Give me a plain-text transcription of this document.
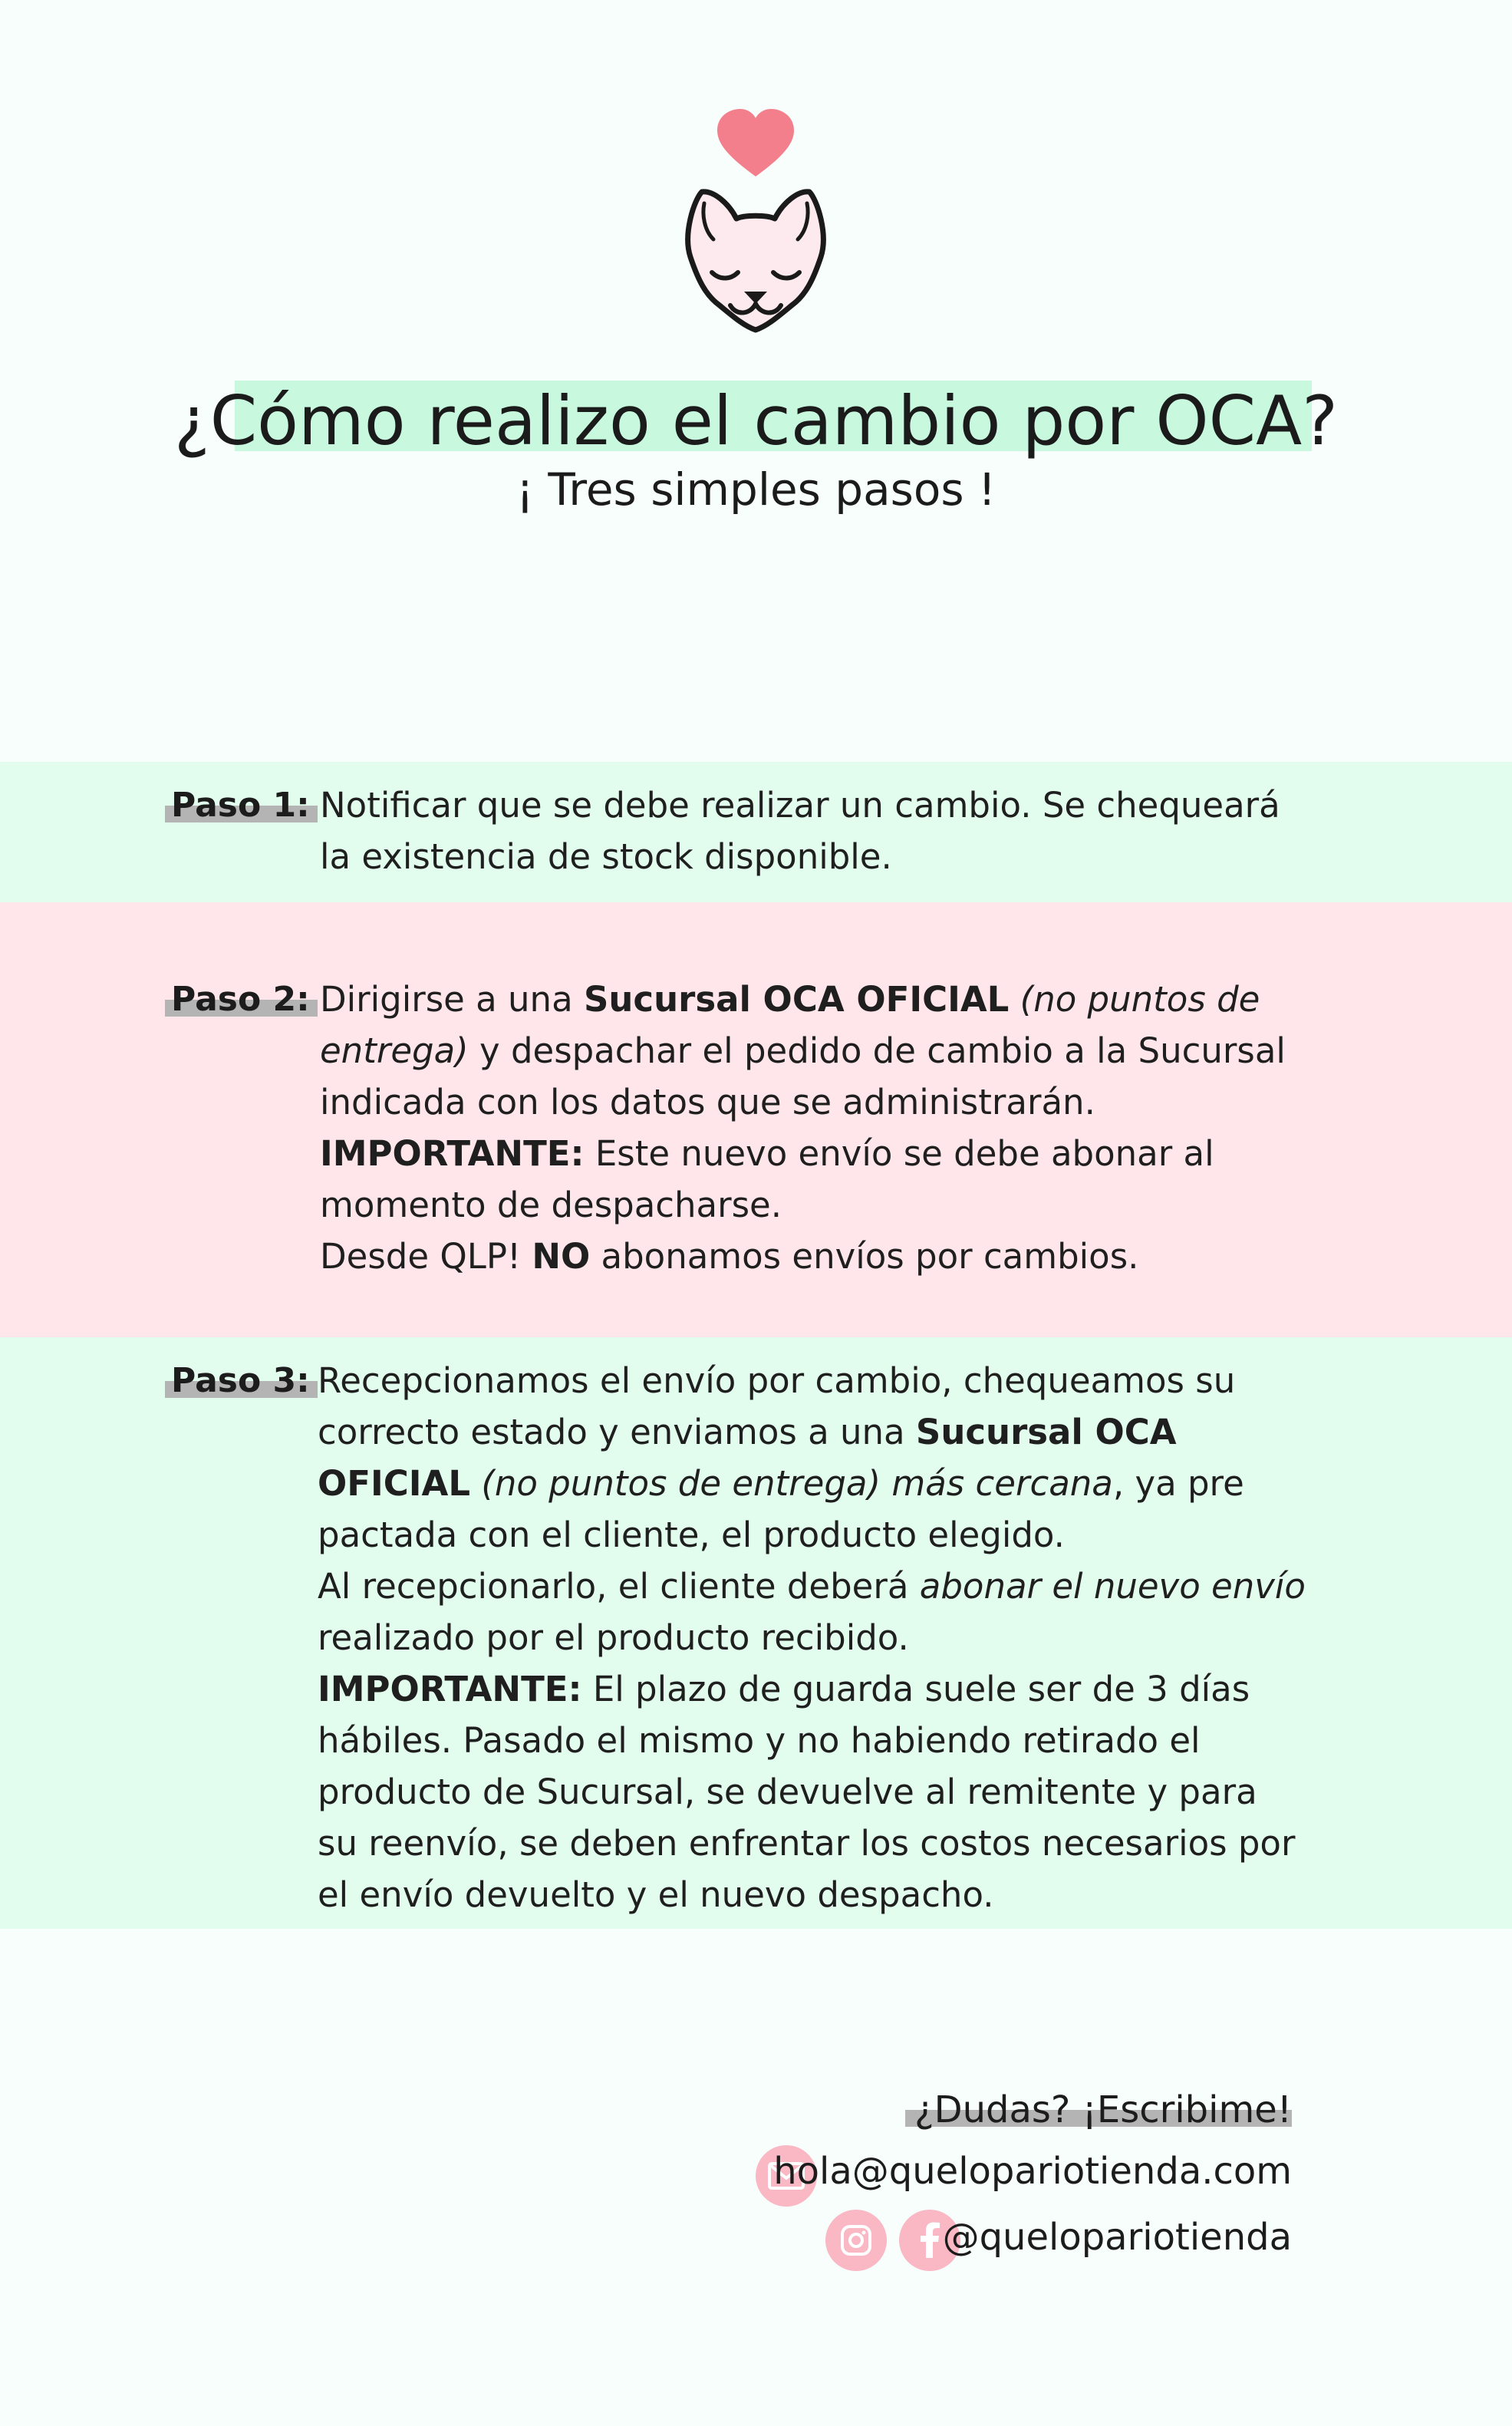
¿Cómo realizo el cambio por OCA?
¡ Tres simples pasos !
Paso 1: Notificar que se debe realizar un cambio. Se chequeará la existencia de stock disponible.
Paso 2: Dirigirse a una Sucursal OCA OFICIAL (no puntos de entrega) y despachar el pedido de cambio a la Sucursal indicada con los datos que se administrarán.
IMPORTANTE: Este nuevo envío se debe abonar al momento de despacharse.
Desde QLP! NO abonamos envíos por cambios.
Paso 3: Recepcionamos el envío por cambio, chequeamos su correcto estado y enviamos a una Sucursal OCA OFICIAL (no puntos de entrega) más cercana, ya pre pactada con el cliente, el producto elegido.
Al recepcionarlo, el cliente deberá abonar el nuevo envío realizado por el producto recibido.
IMPORTANTE: El plazo de guarda suele ser de 3 días hábiles. Pasado el mismo y no habiendo retirado el producto de Sucursal, se devuelve al remitente y para su reenvío, se deben enfrentar los costos necesarios por el envío devuelto y el nuevo despacho.
¿Dudas? ¡Escribime!
hola@quelopariotienda.com
@quelopariotienda
